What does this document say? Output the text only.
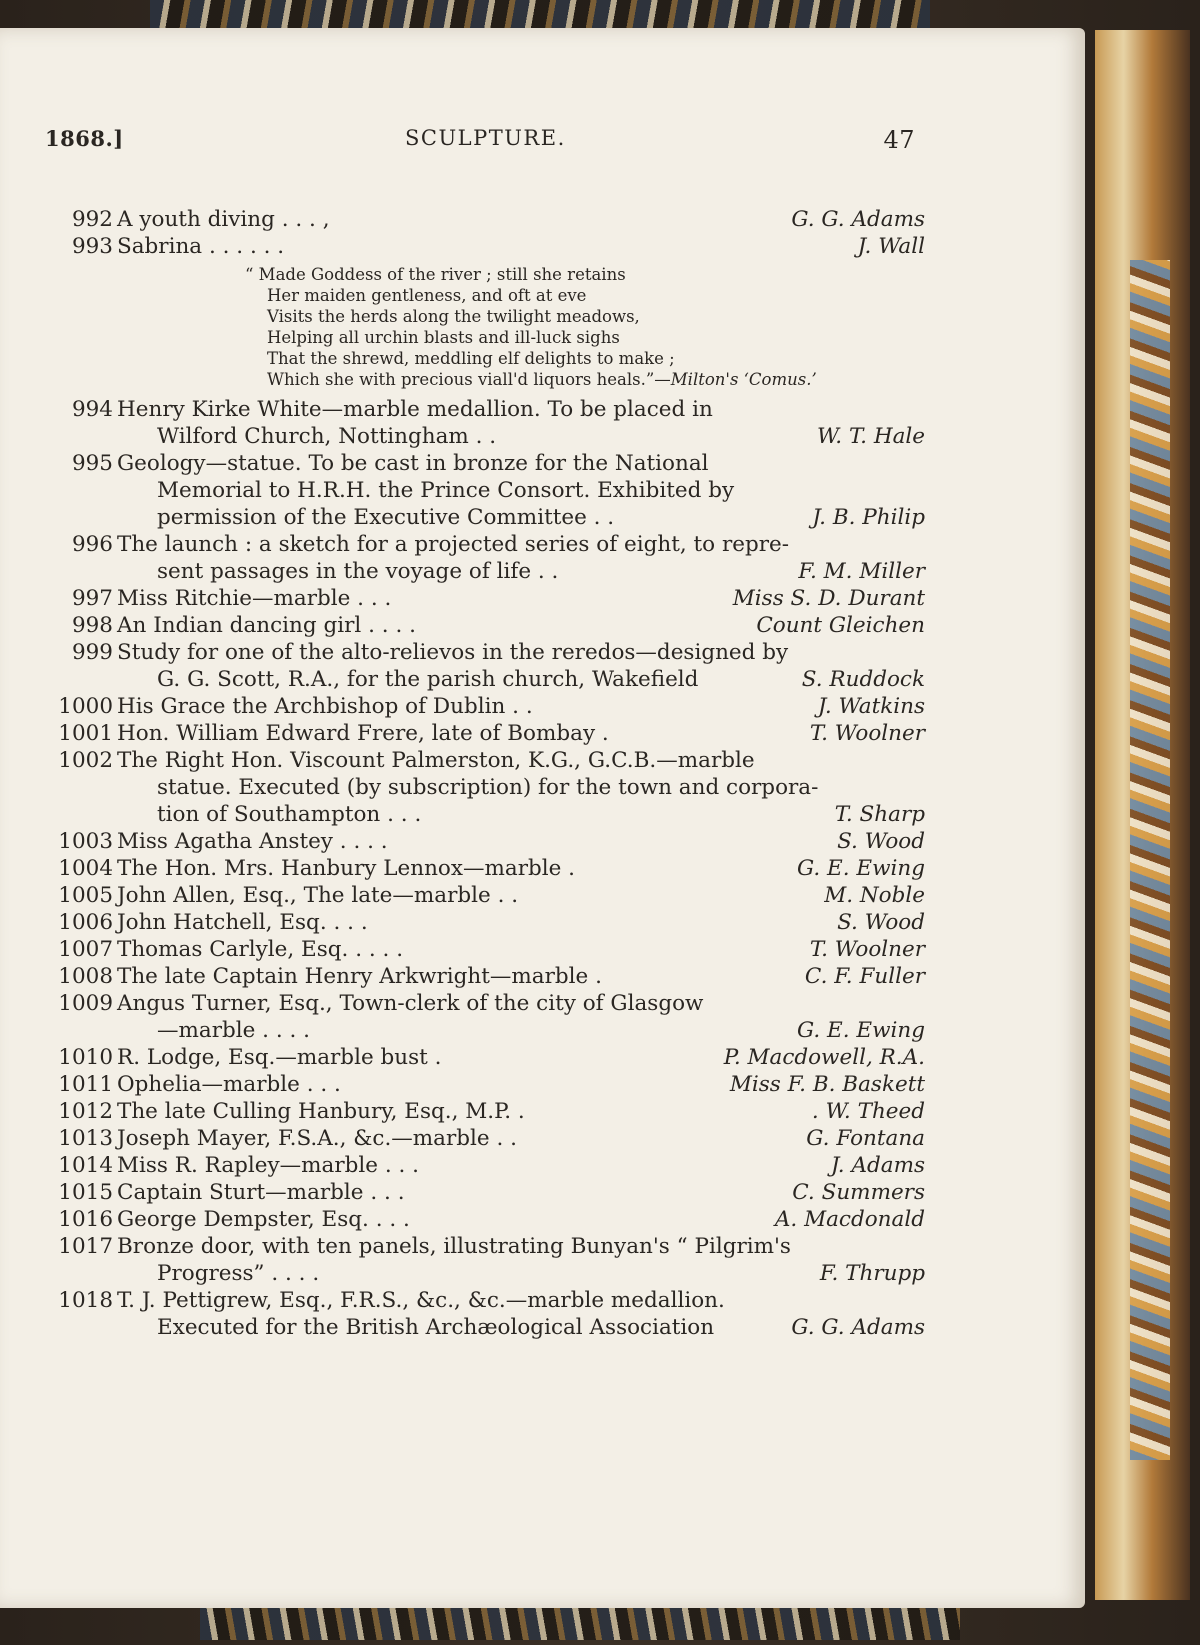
1868.]	SCULPTURE.	47
992 A youth diving . . . ,	G. G. Adams
993 Sabrina . . . . . .	J. Wall
“ Made Goddess of the river ; still she retains
Her maiden gentleness, and oft at eve
Visits the herds along the twilight meadows,
Helping all urchin blasts and ill-luck sighs
That the shrewd, meddling elf delights to make ;
Which she with precious viall'd liquors heals.”—Milton's ‘Comus.’
994 Henry Kirke White—marble medallion. To be placed in
Wilford Church, Nottingham . .	W. T. Hale
995 Geology—statue. To be cast in bronze for the National
Memorial to H.R.H. the Prince Consort. Exhibited by
permission of the Executive Committee . .	J. B. Philip
996 The launch : a sketch for a projected series of eight, to repre-
sent passages in the voyage of life . .	F. M. Miller
997 Miss Ritchie—marble . . .	Miss S. D. Durant
998 An Indian dancing girl . . . .	Count Gleichen
999 Study for one of the alto-relievos in the reredos—designed by
G. G. Scott, R.A., for the parish church, Wakefield	S. Ruddock
1000 His Grace the Archbishop of Dublin . .	J. Watkins
1001 Hon. William Edward Frere, late of Bombay .	T. Woolner
1002 The Right Hon. Viscount Palmerston, K.G., G.C.B.—marble
statue. Executed (by subscription) for the town and corpora-
tion of Southampton . . .	T. Sharp
1003 Miss Agatha Anstey . . . .	S. Wood
1004 The Hon. Mrs. Hanbury Lennox—marble .	G. E. Ewing
1005 John Allen, Esq., The late—marble . .	M. Noble
1006 John Hatchell, Esq. . . .	S. Wood
1007 Thomas Carlyle, Esq. . . . .	T. Woolner
1008 The late Captain Henry Arkwright—marble .	C. F. Fuller
1009 Angus Turner, Esq., Town-clerk of the city of Glasgow
—marble . . . .	G. E. Ewing
1010 R. Lodge, Esq.—marble bust .	P. Macdowell, R.A.
1011 Ophelia—marble . . .	Miss F. B. Baskett
1012 The late Culling Hanbury, Esq., M.P. .	. W. Theed
1013 Joseph Mayer, F.S.A., &c.—marble . .	G. Fontana
1014 Miss R. Rapley—marble . . .	J. Adams
1015 Captain Sturt—marble . . .	C. Summers
1016 George Dempster, Esq. . . .	A. Macdonald
1017 Bronze door, with ten panels, illustrating Bunyan's “ Pilgrim's
Progress” . . . .	F. Thrupp
1018 T. J. Pettigrew, Esq., F.R.S., &c., &c.—marble medallion.
Executed for the British Archæological Association	G. G. Adams
